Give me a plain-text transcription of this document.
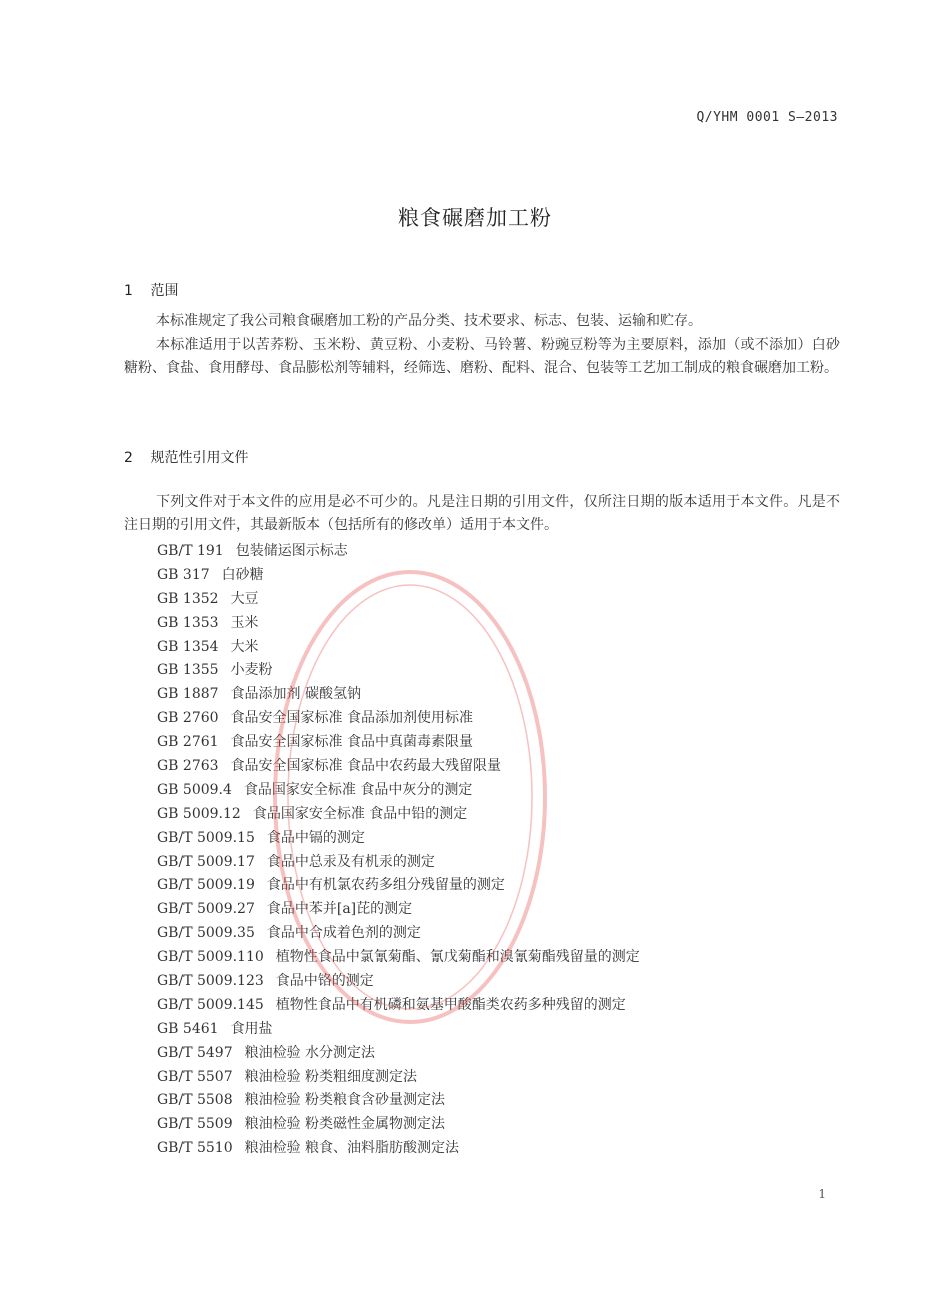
Q/YHM 0001 S—2013
粮食碾磨加工粉
1 范围

本标准规定了我公司粮食碾磨加工粉的产品分类、技术要求、标志、包装、运输和贮存。

本标准适用于以苦荞粉、玉米粉、黄豆粉、小麦粉、马铃薯、粉豌豆粉等为主要原料，添加（或不添加）白砂糖粉、食盐、食用酵母、食品膨松剂等辅料，经筛选、磨粉、配料、混合、包装等工艺加工制成的粮食碾磨加工粉。

2 规范性引用文件

下列文件对于本文件的应用是必不可少的。凡是注日期的引用文件，仅所注日期的版本适用于本文件。凡是不注日期的引用文件，其最新版本（包括所有的修改单）适用于本文件。

GB/T 191 包装储运图示标志
GB 317 白砂糖
GB 1352 大豆
GB 1353 玉米
GB 1354 大米
GB 1355 小麦粉
GB 1887 食品添加剂 碳酸氢钠
GB 2760 食品安全国家标准 食品添加剂使用标准
GB 2761 食品安全国家标准 食品中真菌毒素限量
GB 2763 食品安全国家标准 食品中农药最大残留限量
GB 5009.4 食品国家安全标准 食品中灰分的测定
GB 5009.12 食品国家安全标准 食品中铅的测定
GB/T 5009.15 食品中镉的测定
GB/T 5009.17 食品中总汞及有机汞的测定
GB/T 5009.19 食品中有机氯农药多组分残留量的测定
GB/T 5009.27 食品中苯并[a]芘的测定
GB/T 5009.35 食品中合成着色剂的测定
GB/T 5009.110 植物性食品中氯氰菊酯、氰戊菊酯和溴氰菊酯残留量的测定
GB/T 5009.123 食品中铬的测定
GB/T 5009.145 植物性食品中有机磷和氨基甲酸酯类农药多种残留的测定
GB 5461 食用盐
GB/T 5497 粮油检验 水分测定法
GB/T 5507 粮油检验 粉类粗细度测定法
GB/T 5508 粮油检验 粉类粮食含砂量测定法
GB/T 5509 粮油检验 粉类磁性金属物测定法
GB/T 5510 粮油检验 粮食、油料脂肪酸测定法
1
